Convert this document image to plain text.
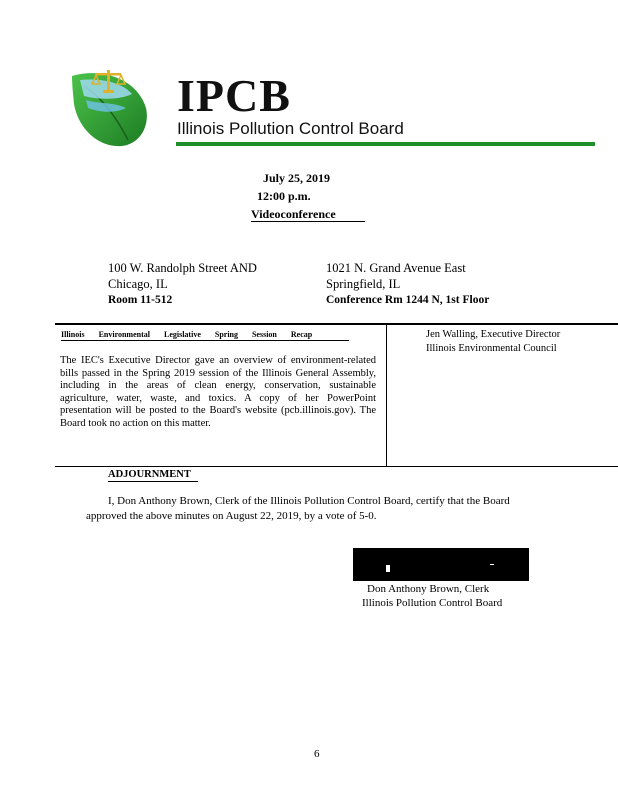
IPCB
Illinois Pollution Control Board
July 25, 2019
12:00 p.m.
Videoconference
100 W. Randolph Street AND
Chicago, IL
Room 11-512
1021 N. Grand Avenue East
Springfield, IL
Conference Rm 1244 N, 1st Floor
Illinois Environmental Legislative Spring Session Recap
The IEC's Executive Director gave an overview of environment-related bills passed in the Spring 2019 session of the Illinois General Assembly, including in the areas of clean energy, conservation, sustainable agriculture, water, waste, and toxics. A copy of her PowerPoint presentation will be posted to the Board's website (pcb.illinois.gov). The Board took no action on this matter.
Jen Walling, Executive Director
Illinois Environmental Council
ADJOURNMENT
I, Don Anthony Brown, Clerk of the Illinois Pollution Control Board, certify that the Board approved the above minutes on August 22, 2019, by a vote of 5-0.
Don Anthony Brown, Clerk
Illinois Pollution Control Board
6
